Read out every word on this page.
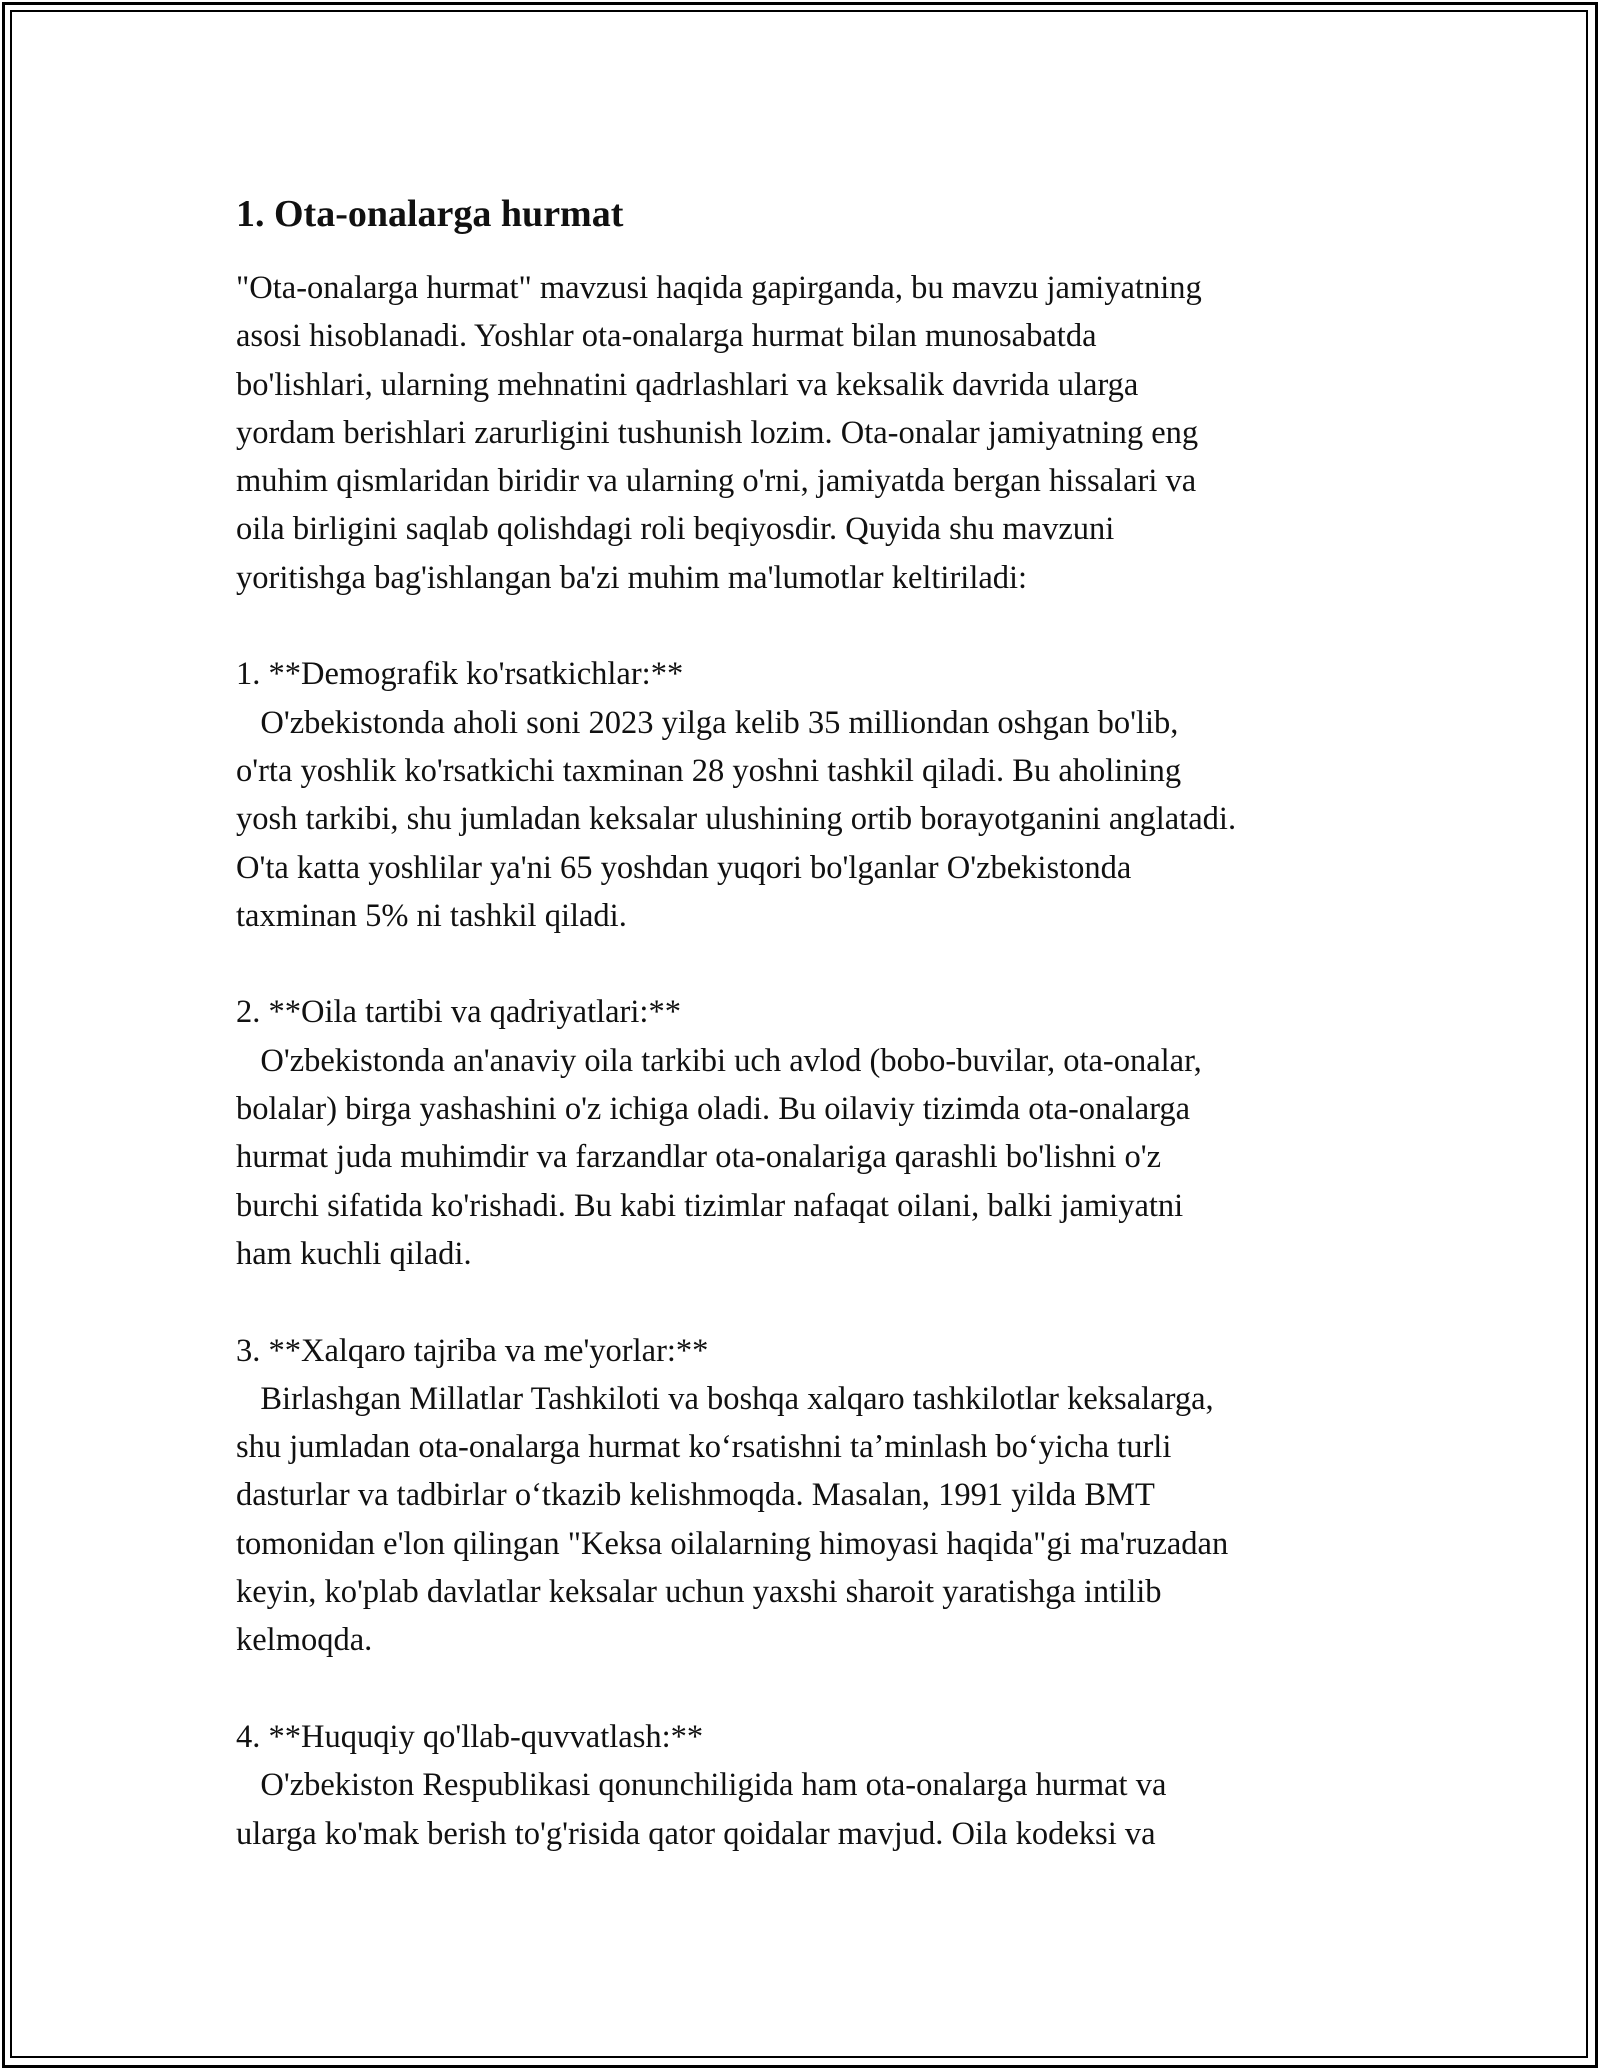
1. Ota-onalarga hurmat

"Ota-onalarga hurmat" mavzusi haqida gapirganda, bu mavzu jamiyatning
asosi hisoblanadi. Yoshlar ota-onalarga hurmat bilan munosabatda
bo'lishlari, ularning mehnatini qadrlashlari va keksalik davrida ularga
yordam berishlari zarurligini tushunish lozim. Ota-onalar jamiyatning eng
muhim qismlaridan biridir va ularning o'rni, jamiyatda bergan hissalari va
oila birligini saqlab qolishdagi roli beqiyosdir. Quyida shu mavzuni
yoritishga bag'ishlangan ba'zi muhim ma'lumotlar keltiriladi:

1. **Demografik ko'rsatkichlar:**
O'zbekistonda aholi soni 2023 yilga kelib 35 milliondan oshgan bo'lib,
o'rta yoshlik ko'rsatkichi taxminan 28 yoshni tashkil qiladi. Bu aholining
yosh tarkibi, shu jumladan keksalar ulushining ortib borayotganini anglatadi.
O'ta katta yoshlilar ya'ni 65 yoshdan yuqori bo'lganlar O'zbekistonda
taxminan 5% ni tashkil qiladi.

2. **Oila tartibi va qadriyatlari:**
O'zbekistonda an'anaviy oila tarkibi uch avlod (bobo-buvilar, ota-onalar,
bolalar) birga yashashini o'z ichiga oladi. Bu oilaviy tizimda ota-onalarga
hurmat juda muhimdir va farzandlar ota-onalariga qarashli bo'lishni o'z
burchi sifatida ko'rishadi. Bu kabi tizimlar nafaqat oilani, balki jamiyatni
ham kuchli qiladi.

3. **Xalqaro tajriba va me'yorlar:**
Birlashgan Millatlar Tashkiloti va boshqa xalqaro tashkilotlar keksalarga,
shu jumladan ota-onalarga hurmat koʻrsatishni taʼminlash boʻyicha turli
dasturlar va tadbirlar oʻtkazib kelishmoqda. Masalan, 1991 yilda BMT
tomonidan e'lon qilingan "Keksa oilalarning himoyasi haqida"gi ma'ruzadan
keyin, ko'plab davlatlar keksalar uchun yaxshi sharoit yaratishga intilib
kelmoqda.

4. **Huquqiy qo'llab-quvvatlash:**
O'zbekiston Respublikasi qonunchiligida ham ota-onalarga hurmat va
ularga ko'mak berish to'g'risida qator qoidalar mavjud. Oila kodeksi va
